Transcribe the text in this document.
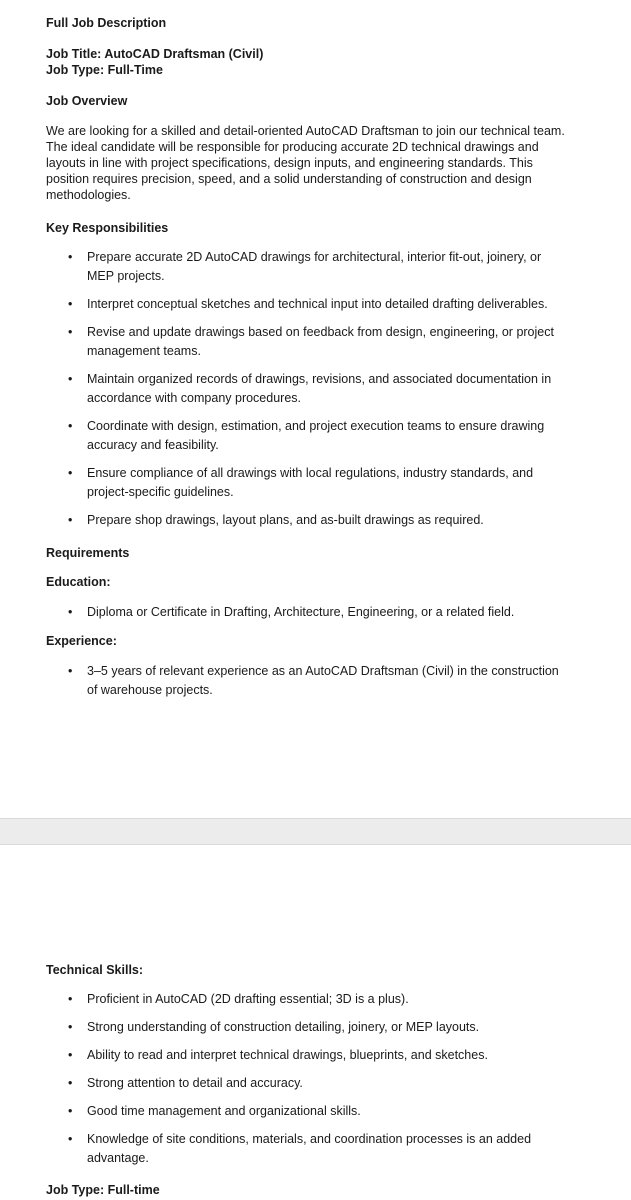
Full Job Description

Job Title: AutoCAD Draftsman (Civil)

Job Type: Full-Time

Job Overview

We are looking for a skilled and detail-oriented AutoCAD Draftsman to join our technical team. The ideal candidate will be responsible for producing accurate 2D technical drawings and layouts in line with project specifications, design inputs, and engineering standards. This position requires precision, speed, and a solid understanding of construction and design methodologies.

Key Responsibilities

• Prepare accurate 2D AutoCAD drawings for architectural, interior fit-out, joinery, or MEP projects.
• Interpret conceptual sketches and technical input into detailed drafting deliverables.
• Revise and update drawings based on feedback from design, engineering, or project management teams.
• Maintain organized records of drawings, revisions, and associated documentation in accordance with company procedures.
• Coordinate with design, estimation, and project execution teams to ensure drawing accuracy and feasibility.
• Ensure compliance of all drawings with local regulations, industry standards, and project-specific guidelines.
• Prepare shop drawings, layout plans, and as-built drawings as required.

Requirements

Education:

• Diploma or Certificate in Drafting, Architecture, Engineering, or a related field.

Experience:

• 3–5 years of relevant experience as an AutoCAD Draftsman (Civil) in the construction of warehouse projects.

Technical Skills:

• Proficient in AutoCAD (2D drafting essential; 3D is a plus).
• Strong understanding of construction detailing, joinery, or MEP layouts.
• Ability to read and interpret technical drawings, blueprints, and sketches.
• Strong attention to detail and accuracy.
• Good time management and organizational skills.
• Knowledge of site conditions, materials, and coordination processes is an added advantage.

Job Type: Full-time
